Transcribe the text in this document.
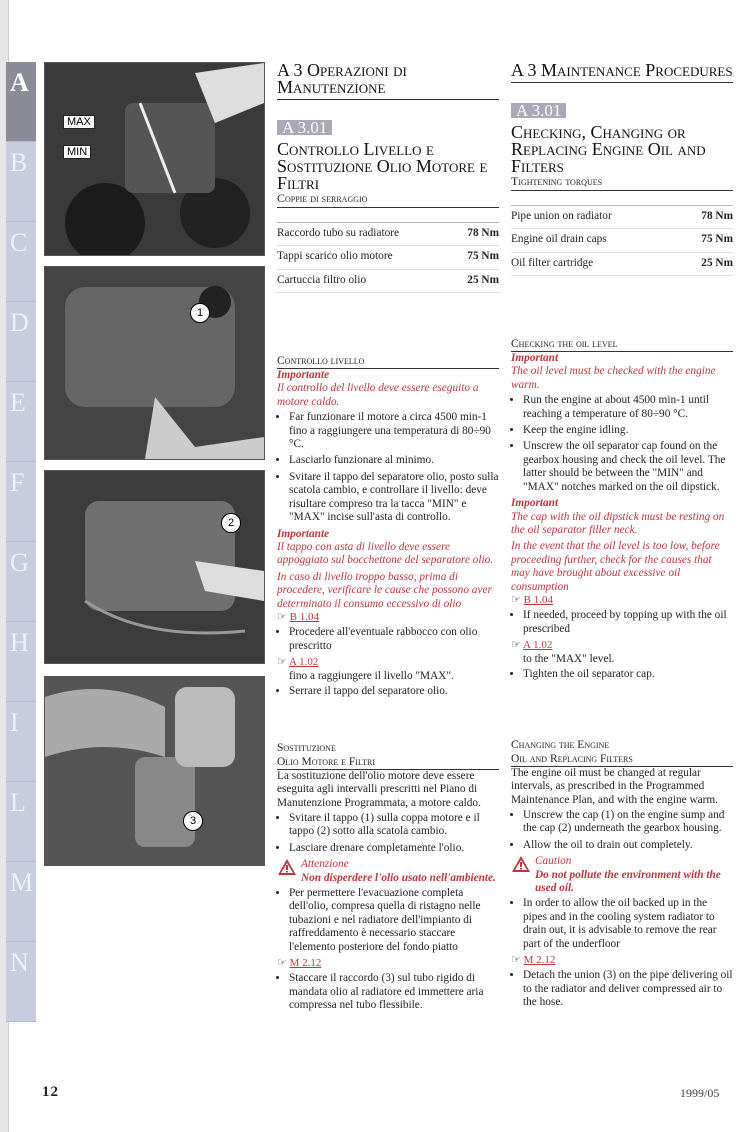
A
B
C
D
E
F
G
H
I
L
M
N
MAX
MIN
1
2
3
A 3 Operazioni di Manutenzione
A 3.01
Controllo Livello e Sostituzione Olio Motore e Filtri
Coppie di serraggio
Raccordo tubo su radiatore	78 Nm
Tappi scarico olio motore	75 Nm
Cartuccia filtro olio	25 Nm
Controllo livello

Importante

Il controllo del livello deve essere eseguito a motore caldo.

• Far funzionare il motore a circa 4500 min-1 fino a raggiungere una temperatura di 80÷90 °C.
• Lasciarlo funzionare al minimo.
• Svitare il tappo del separatore olio, posto sulla scatola cambio, e controllare il livello: deve risultare compreso tra la tacca "MIN" e "MAX" incise sull'asta di controllo.

Importante

Il tappo con asta di livello deve essere appoggiato sul bocchettone del separatore olio.

In caso di livello troppo basso, prima di procedere, verificare le cause che possono aver determinato il consumo eccessivo di olio

☞ B 1.04

• Procedere all'eventuale rabbocco con olio prescritto

☞ A 1.02

fino a raggiungere il livello "MAX".

• Serrare il tappo del separatore olio.
Sostituzione
Olio Motore e Filtri

La sostituzione dell'olio motore deve essere eseguita agli intervalli prescritti nel Piano di Manutenzione Programmata, a motore caldo.

• Svitare il tappo (1) sulla coppa motore e il tappo (2) sotto alla scatola cambio.
• Lasciare drenare completamente l'olio.

Attenzione

Non disperdere l'olio usato nell'ambiente.

• Per permettere l'evacuazione completa dell'olio, compresa quella di ristagno nelle tubazioni e nel radiatore dell'impianto di raffreddamento è necessario staccare l'elemento posteriore del fondo piatto

☞ M 2.12

• Staccare il raccordo (3) sul tubo rigido di mandata olio al radiatore ed immettere aria compressa nel tubo flessibile.
A 3 Maintenance Procedures
A 3.01
Checking, Changing or Replacing Engine Oil and Filters
Tightening torques
Pipe union on radiator	78 Nm
Engine oil drain caps	75 Nm
Oil filter cartridge	25 Nm
Checking the oil level

Important

The oil level must be checked with the engine warm.

• Run the engine at about 4500 min-1 until reaching a temperature of 80÷90 °C.
• Keep the engine idling.
• Unscrew the oil separator cap found on the gearbox housing and check the oil level. The latter should be between the "MIN" and "MAX" notches marked on the oil dipstick.

Important

The cap with the oil dipstick must be resting on the oil separator filler neck.

In the event that the oil level is too low, before proceeding further, check for the causes that may have brought about excessive oil consumption

☞ B 1.04

• If needed, proceed by topping up with the oil prescribed

☞ A 1.02

to the "MAX" level.

• Tighten the oil separator cap.
Changing the Engine
Oil and Replacing Filters

The engine oil must be changed at regular intervals, as prescribed in the Programmed Maintenance Plan, and with the engine warm.

• Unscrew the cap (1) on the engine sump and the cap (2) underneath the gearbox housing.
• Allow the oil to drain out completely.

Caution

Do not pollute the environment with the used oil.

• In order to allow the oil backed up in the pipes and in the cooling system radiator to drain out, it is advisable to remove the rear part of the underfloor

☞ M 2.12

• Detach the union (3) on the pipe delivering oil to the radiator and deliver compressed air to the hose.
12	1999/05
